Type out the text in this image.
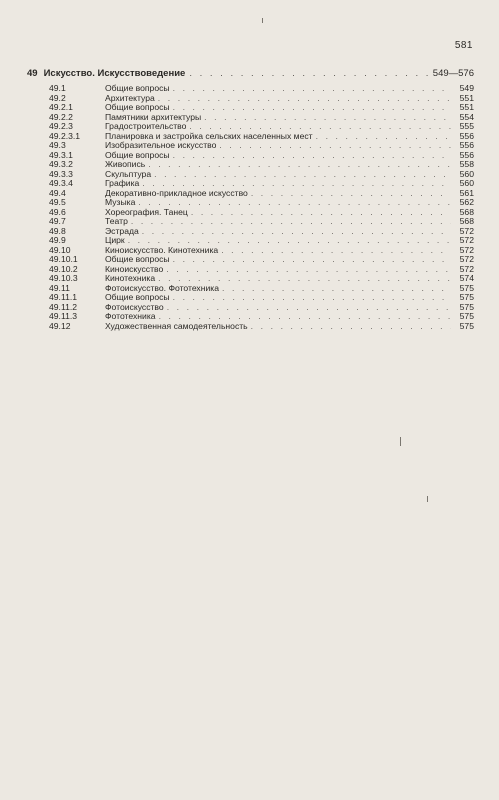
581
49 Искусство. Искусствоведение . . .	549—576
49.1	Общие вопросы . . .	549
49.2	Архитектура . . .	551
49.2.1	Общие вопросы . . .	551
49.2.2	Памятники архитектуры . . .	554
49.2.3	Градостроительство . . .	555
49.2.3.1	Планировка и застройка сельских населенных мест . . .	556
49.3	Изобразительное искусство . . .	556
49.3.1	Общие вопросы . . .	556
49.3.2	Живопись . . .	558
49.3.3	Скульптура . . .	560
49.3.4	Графика . . .	560
49.4	Декоративно-прикладное искусство . . .	561
49.5	Музыка . . .	562
49.6	Хореография. Танец . . .	568
49.7	Театр . . .	568
49.8	Эстрада . . .	572
49.9	Цирк . . .	572
49.10	Киноискусство. Кинотехника . . .	572
49.10.1	Общие вопросы . . .	572
49.10.2	Киноискусство . . .	572
49.10.3	Кинотехника . . .	574
49.11	Фотоискусство. Фототехника . . .	575
49.11.1	Общие вопросы . . .	575
49.11.2	Фотоискусство . . .	575
49.11.3	Фототехника . . .	575
49.12	Художественная самодеятельность . . .	575
